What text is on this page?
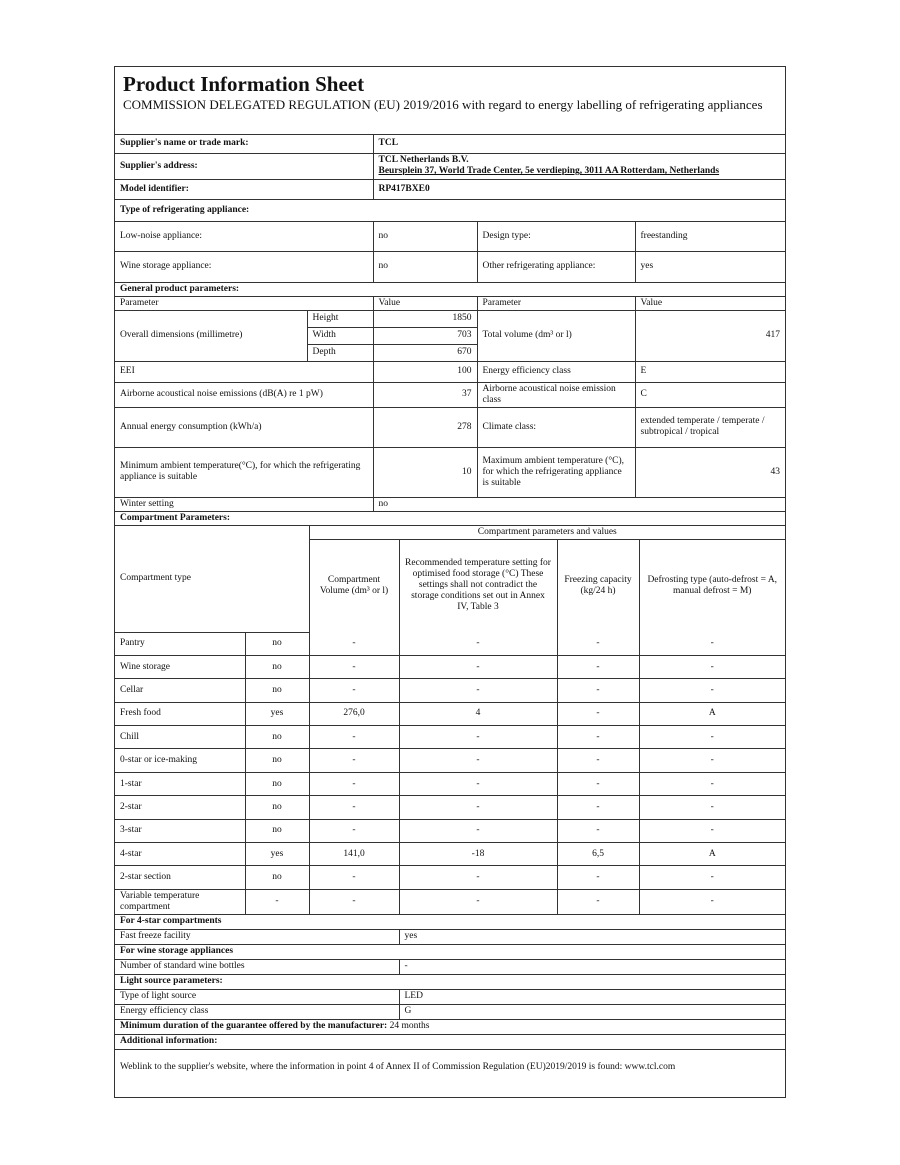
Product Information Sheet
COMMISSION DELEGATED REGULATION (EU) 2019/2016 with regard to energy labelling of refrigerating appliances
Supplier's name or trade mark:	TCL
Supplier's address:	TCL Netherlands B.V.
Beursplein 37, World Trade Center, 5e verdieping, 3011 AA Rotterdam, Netherlands

Model identifier:	RP417BXE0
Type of refrigerating appliance:	
Low-noise appliance:	no	Design type:	freestanding
Wine storage appliance:	no	Other refrigerating appliance:	yes
General product parameters:				
Parameter		Value	Parameter	Value
Overall dimensions (millimetre)	Height	1850	Total volume (dm³ or l)	417
	Width	703		
	Depth	670		
EEI		100	Energy efficiency class	E
Airborne acoustical noise emissions (dB(A) re 1 pW)		37	Airborne acoustical noise emission class	C
Annual energy consumption (kWh/a)		278	Climate class:	extended temperate / temperate / subtropical / tropical
Minimum ambient temperature(°C), for which the refrigerating appliance is suitable		10	Maximum ambient temperature (°C), for which the refrigerating appliance is suitable	43
Winter setting		no		
Compartment Parameters:					
Compartment type		Compartment parameters and values			
		Compartment Volume (dm³ or l)	Recommended temperature setting for optimised food storage (°C) These settings shall not contradict the storage conditions set out in Annex IV, Table 3	Freezing capacity (kg/24 h)	Defrosting type (auto-defrost = A, manual defrost = M)
Pantry	no	-	-	-	-
Wine storage	no	-	-	-	-
Cellar	no	-	-	-	-
Fresh food	yes	276,0	4	-	A
Chill	no	-	-	-	-
0-star or ice-making	no	-	-	-	-
1-star	no	-	-	-	-
2-star	no	-	-	-	-
3-star	no	-	-	-	-
4-star	yes	141,0	-18	6,5	A
2-star section	no	-	-	-	-
Variable temperature compartment	-	-	-	-	-
For 4-star compartments	
Fast freeze facility	yes
For wine storage appliances	
Number of standard wine bottles	-
Light source parameters:	
Type of light source	LED
Energy efficiency class	G
Minimum duration of the guarantee offered by the manufacturer: 24 months	
Additional information:	
Weblink to the supplier's website, where the information in point 4 of Annex II of Commission Regulation (EU)2019/2019 is found: www.tcl.com	
